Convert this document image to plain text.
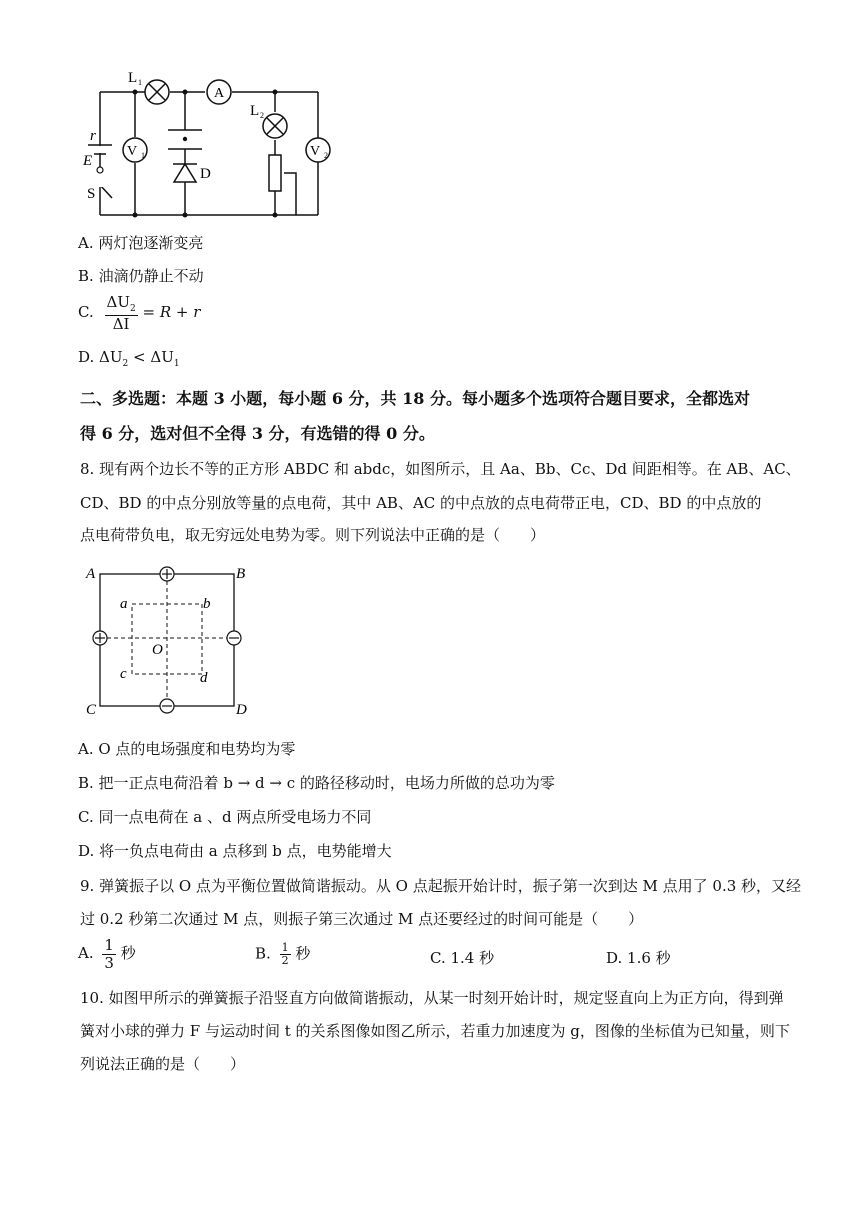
A
V 1	V 2
L 1
L 2
r
E
S
D
A. 两灯泡逐渐变亮
B. 油滴仍静止不动
C. $\frac{\Delta U_2}{\Delta I} = R + r$
D. $\Delta U_2 < \Delta U_1$
二、多选题：本题 3 小题，每小题 6 分，共 18 分。每小题多个选项符合题目要求，全都选对
得 6 分，选对但不全得 3 分，有选错的得 0 分。
8. 现有两个边长不等的正方形 ABDC 和 abdc，如图所示，且 Aa、Bb、Cc、Dd 间距相等。在 AB、AC、
CD、BD 的中点分别放等量的点电荷，其中 AB、AC 的中点放的点电荷带正电，CD、BD 的中点放的
点电荷带负电，取无穷远处电势为零。则下列说法中正确的是（　　）
A	B
C	D
a	b
c	d
O
A. O 点的电场强度和电势均为零
B. 把一正点电荷沿着 b → d → c 的路径移动时，电场力所做的总功为零
C. 同一点电荷在 a 、d 两点所受电场力不同
D. 将一负点电荷由 a 点移到 b 点，电势能增大
9. 弹簧振子以 O 点为平衡位置做简谐振动。从 O 点起振开始计时，振子第一次到达 M 点用了 0.3 秒，又经
过 0.2 秒第二次通过 M 点，则振子第三次通过 M 点还要经过的时间可能是（　　）
A. $\frac{1}{3}$ 秒	B. $\frac{1}{2}$ 秒	C. 1.4 秒	D. 1.6 秒
10. 如图甲所示的弹簧振子沿竖直方向做简谐振动，从某一时刻开始计时，规定竖直向上为正方向，得到弹
簧对小球的弹力 F 与运动时间 t 的关系图像如图乙所示，若重力加速度为 g，图像的坐标值为已知量，则下
列说法正确的是（　　）
